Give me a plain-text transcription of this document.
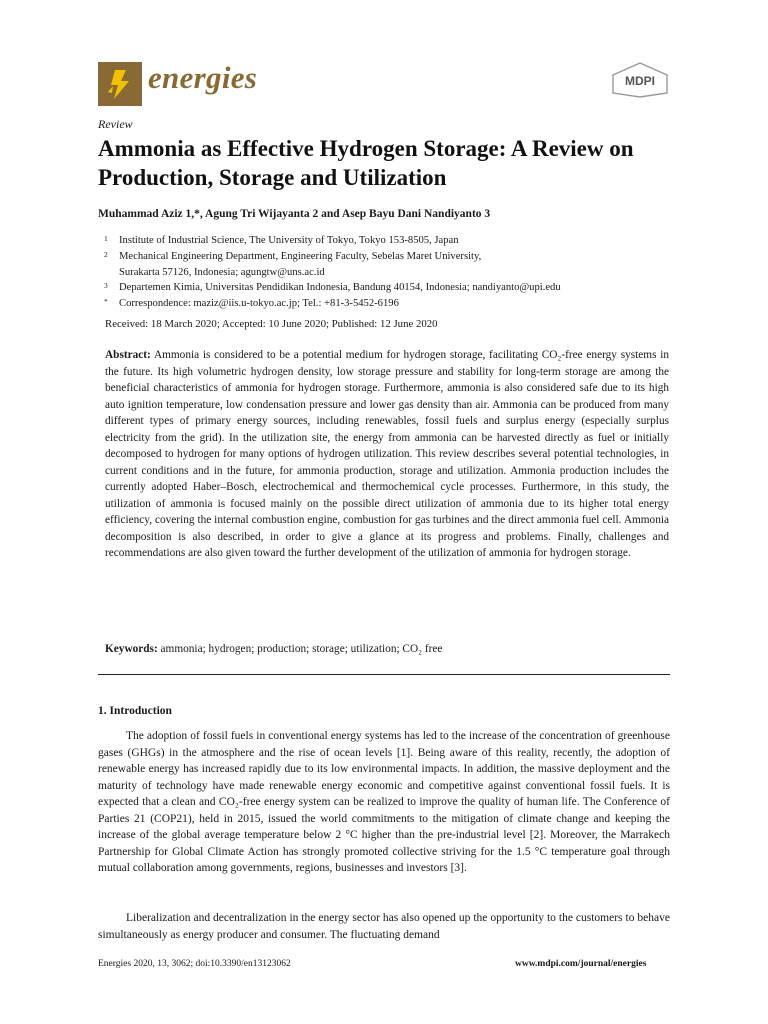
energies	MDPI
Review
Ammonia as Effective Hydrogen Storage: A Review on Production, Storage and Utilization
Muhammad Aziz 1,*, Agung Tri Wijayanta 2 and Asep Bayu Dani Nandiyanto 3
1 Institute of Industrial Science, The University of Tokyo, Tokyo 153-8505, Japan
2 Mechanical Engineering Department, Engineering Faculty, Sebelas Maret University,
Surakarta 57126, Indonesia; agungtw@uns.ac.id
3 Departemen Kimia, Universitas Pendidikan Indonesia, Bandung 40154, Indonesia; nandiyanto@upi.edu
* Correspondence: maziz@iis.u-tokyo.ac.jp; Tel.: +81-3-5452-6196
Received: 18 March 2020; Accepted: 10 June 2020; Published: 12 June 2020
Abstract: Ammonia is considered to be a potential medium for hydrogen storage, facilitating CO₂-free energy systems in the future. Its high volumetric hydrogen density, low storage pressure and stability for long-term storage are among the beneficial characteristics of ammonia for hydrogen storage. Furthermore, ammonia is also considered safe due to its high auto ignition temperature, low condensation pressure and lower gas density than air. Ammonia can be produced from many different types of primary energy sources, including renewables, fossil fuels and surplus energy (especially surplus electricity from the grid). In the utilization site, the energy from ammonia can be harvested directly as fuel or initially decomposed to hydrogen for many options of hydrogen utilization. This review describes several potential technologies, in current conditions and in the future, for ammonia production, storage and utilization. Ammonia production includes the currently adopted Haber–Bosch, electrochemical and thermochemical cycle processes. Furthermore, in this study, the utilization of ammonia is focused mainly on the possible direct utilization of ammonia due to its higher total energy efficiency, covering the internal combustion engine, combustion for gas turbines and the direct ammonia fuel cell. Ammonia decomposition is also described, in order to give a glance at its progress and problems. Finally, challenges and recommendations are also given toward the further development of the utilization of ammonia for hydrogen storage.
Keywords: ammonia; hydrogen; production; storage; utilization; CO₂ free
1. Introduction
The adoption of fossil fuels in conventional energy systems has led to the increase of the concentration of greenhouse gases (GHGs) in the atmosphere and the rise of ocean levels [1]. Being aware of this reality, recently, the adoption of renewable energy has increased rapidly due to its low environmental impacts. In addition, the massive deployment and the maturity of technology have made renewable energy economic and competitive against conventional fossil fuels. It is expected that a clean and CO₂-free energy system can be realized to improve the quality of human life. The Conference of Parties 21 (COP21), held in 2015, issued the world commitments to the mitigation of climate change and keeping the increase of the global average temperature below 2 °C higher than the pre-industrial level [2]. Moreover, the Marrakech Partnership for Global Climate Action has strongly promoted collective striving for the 1.5 °C temperature goal through mutual collaboration among governments, regions, businesses and investors [3].
Liberalization and decentralization in the energy sector has also opened up the opportunity to the customers to behave simultaneously as energy producer and consumer. The fluctuating demand
Energies 2020, 13, 3062; doi:10.3390/en13123062	www.mdpi.com/journal/energies
